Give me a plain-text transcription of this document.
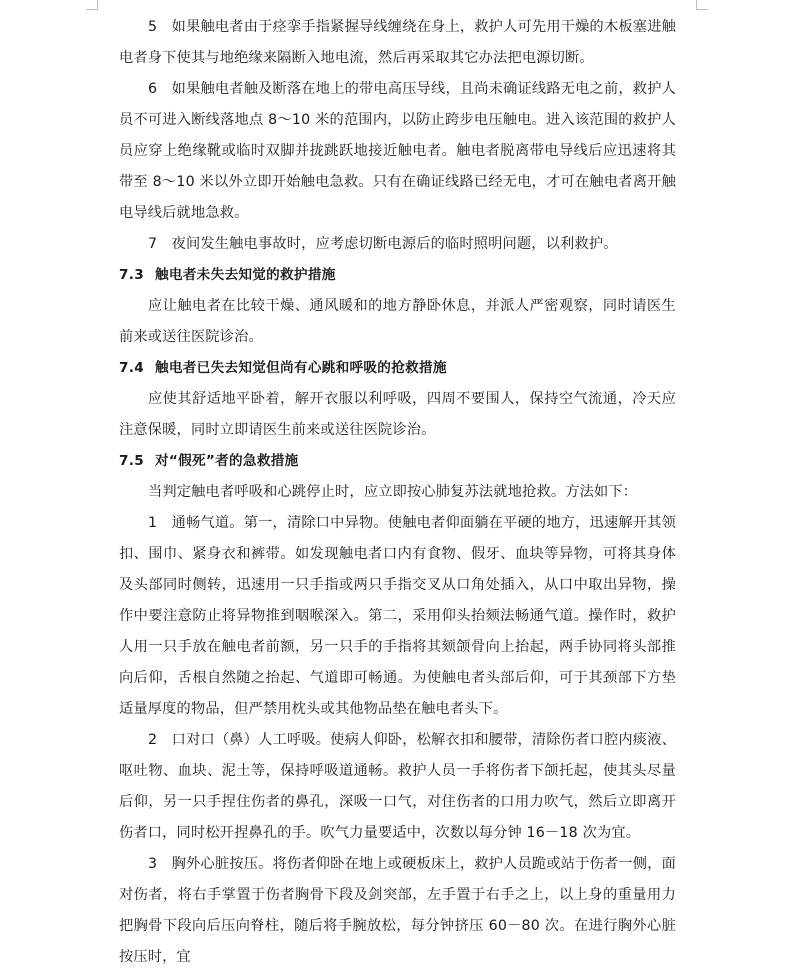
5　如果触电者由于痉挛手指紧握导线缠绕在身上，救护人可先用干燥的木板塞进触电者身下使其与地绝缘来隔断入地电流，然后再采取其它办法把电源切断。

6　如果触电者触及断落在地上的带电高压导线，且尚未确证线路无电之前，救护人员不可进入断线落地点 8～10 米的范围内，以防止跨步电压触电。进入该范围的救护人员应穿上绝缘靴或临时双脚并拢跳跃地接近触电者。触电者脱离带电导线后应迅速将其带至 8～10 米以外立即开始触电急救。只有在确证线路已经无电，才可在触电者离开触电导线后就地急救。

7　夜间发生触电事故时，应考虑切断电源后的临时照明问题，以利救护。

7.3 触电者未失去知觉的救护措施

应让触电者在比较干燥、通风暖和的地方静卧休息，并派人严密观察，同时请医生前来或送往医院诊治。

7.4 触电者已失去知觉但尚有心跳和呼吸的抢救措施

应使其舒适地平卧着，解开衣服以利呼吸，四周不要围人，保持空气流通，冷天应注意保暖，同时立即请医生前来或送往医院诊治。

7.5 对“假死”者的急救措施

当判定触电者呼吸和心跳停止时，应立即按心肺复苏法就地抢救。方法如下：

1　通畅气道。第一，清除口中异物。使触电者仰面躺在平硬的地方，迅速解开其领扣、围巾、紧身衣和裤带。如发现触电者口内有食物、假牙、血块等异物，可将其身体及头部同时侧转，迅速用一只手指或两只手指交叉从口角处插入，从口中取出异物，操作中要注意防止将异物推到咽喉深入。第二，采用仰头抬颏法畅通气道。操作时，救护人用一只手放在触电者前额，另一只手的手指将其颏颌骨向上抬起，两手协同将头部推向后仰，舌根自然随之抬起、气道即可畅通。为使触电者头部后仰，可于其颈部下方垫适量厚度的物品，但严禁用枕头或其他物品垫在触电者头下。

2　口对口（鼻）人工呼吸。使病人仰卧，松解衣扣和腰带，清除伤者口腔内痰液、呕吐物、血块、泥土等，保持呼吸道通畅。救护人员一手将伤者下颌托起，使其头尽量后仰，另一只手捏住伤者的鼻孔，深吸一口气，对住伤者的口用力吹气，然后立即离开伤者口，同时松开捏鼻孔的手。吹气力量要适中，次数以每分钟 16－18 次为宜。

3　胸外心脏按压。将伤者仰卧在地上或硬板床上，救护人员跪或站于伤者一侧，面对伤者，将右手掌置于伤者胸骨下段及剑突部，左手置于右手之上，以上身的重量用力把胸骨下段向后压向脊柱，随后将手腕放松，每分钟挤压 60－80 次。在进行胸外心脏按压时，宜
